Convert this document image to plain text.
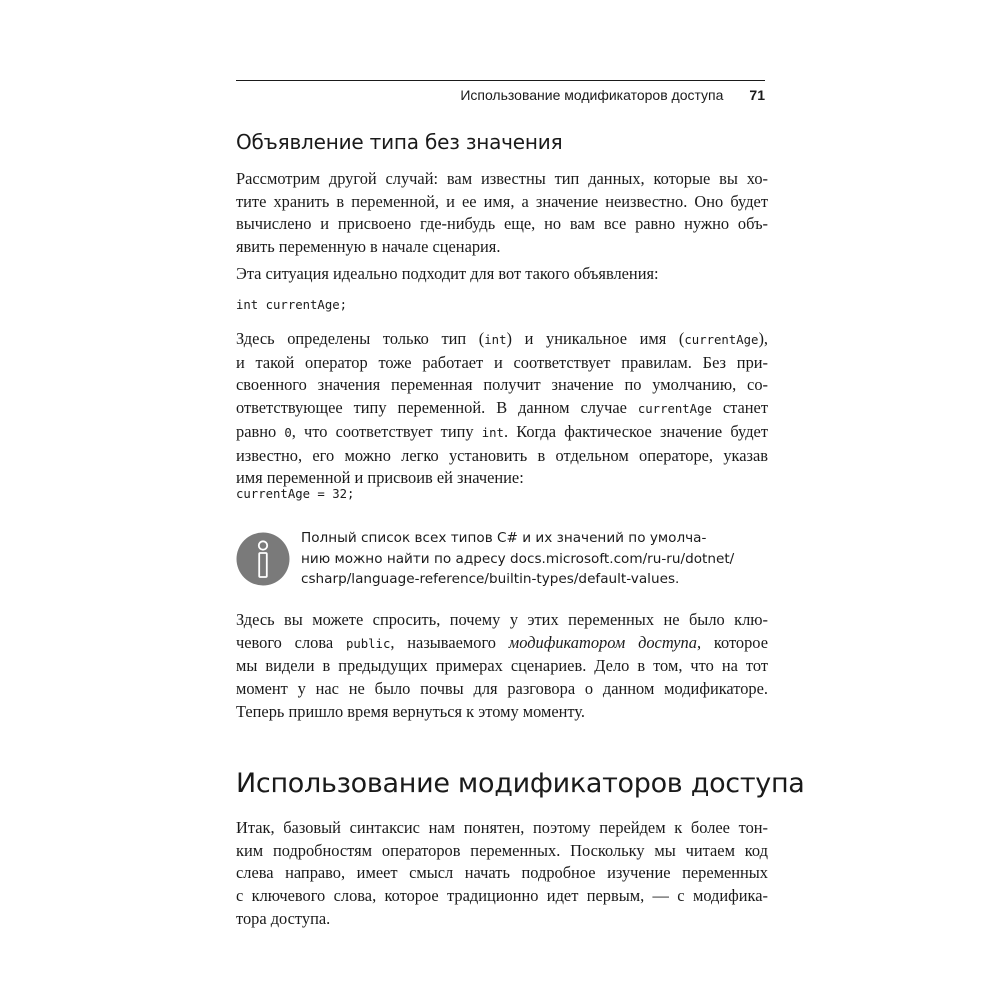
Использование модификаторов доступа 71
Объявление типа без значения

Рассмотрим другой случай: вам известны тип данных, которые вы хо-
тите хранить в переменной, и ее имя, а значение неизвестно. Оно будет
вычислено и присвоено где-нибудь еще, но вам все равно нужно объ-
явить переменную в начале сценария.

Эта ситуация идеально подходит для вот такого объявления:

int currentAge;

Здесь определены только тип (int) и уникальное имя (currentAge),
и такой оператор тоже работает и соответствует правилам. Без при-
своенного значения переменная получит значение по умолчанию, со-
ответствующее типу переменной. В данном случае currentAge станет
равно 0, что соответствует типу int. Когда фактическое значение будет
известно, его можно легко установить в отдельном операторе, указав
имя переменной и присвоив ей значение:

currentAge = 32;
Полный список всех типов C# и их значений по умолча-
нию можно найти по адресу docs.microsoft.com/ru-ru/dotnet/
csharp/language-reference/builtin-types/default-values.

Здесь вы можете спросить, почему у этих переменных не было клю-
чевого слова public, называемого модификатором доступа, которое
мы видели в предыдущих примерах сценариев. Дело в том, что на тот
момент у нас не было почвы для разговора о данном модификаторе.
Теперь пришло время вернуться к этому моменту.

Использование модификаторов доступа

Итак, базовый синтаксис нам понятен, поэтому перейдем к более тон-
ким подробностям операторов переменных. Поскольку мы читаем код
слева направо, имеет смысл начать подробное изучение переменных
с ключевого слова, которое традиционно идет первым, — с модифика-
тора доступа.
